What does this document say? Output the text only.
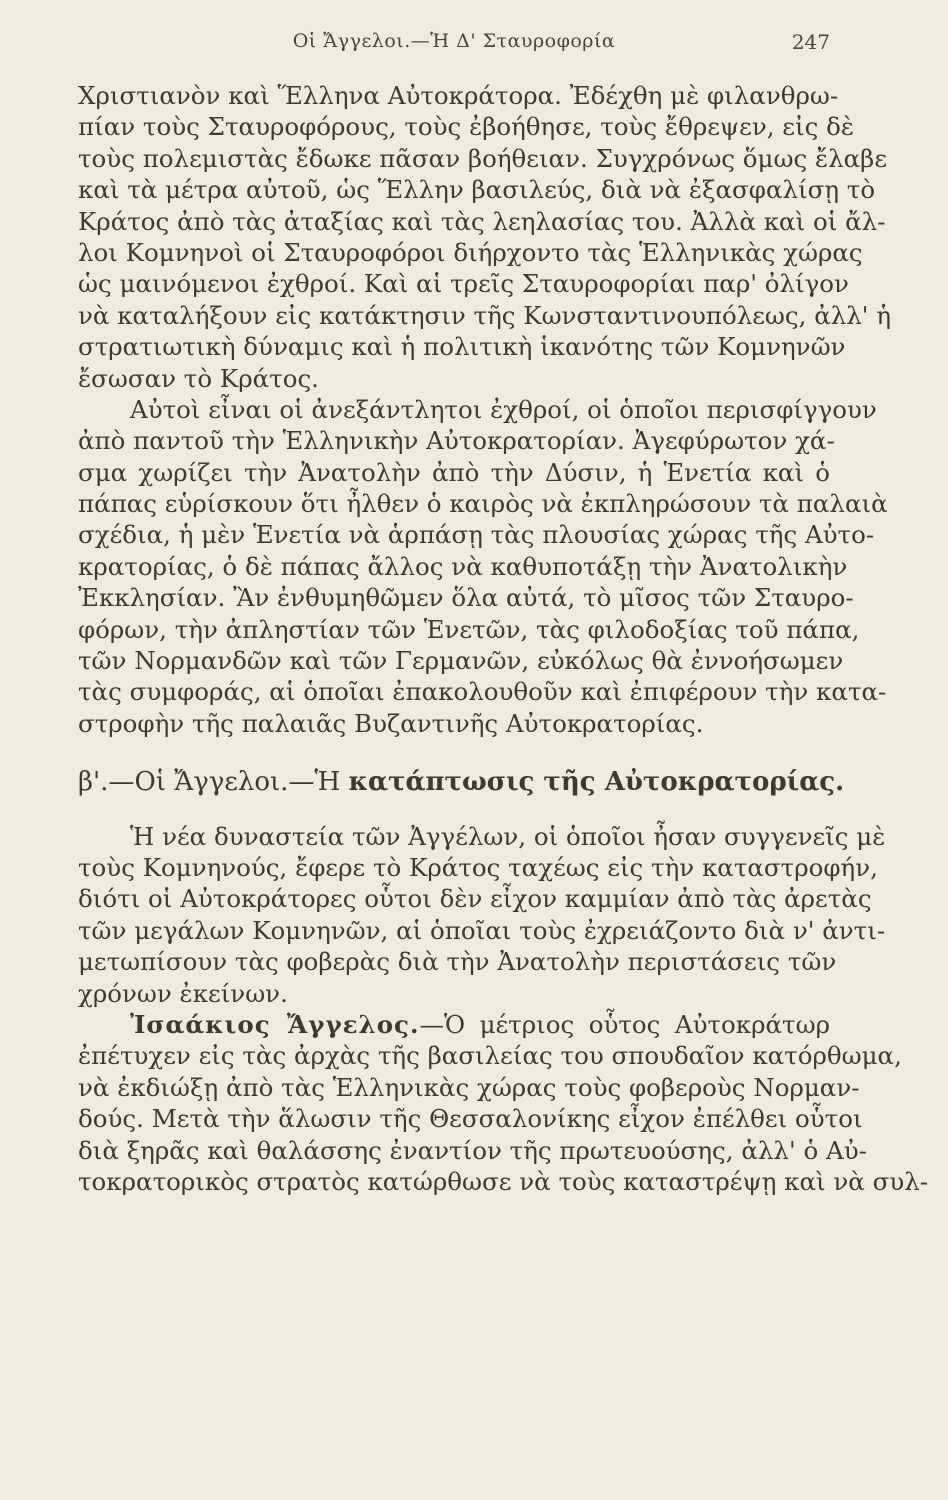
Οἱ Ἄγγελοι.—Ἡ Δ' Σταυροφορία	247
Χριστιανὸν καὶ Ἕλληνα Αὐτοκράτορα. Ἐδέχθη μὲ φιλανθρω-
πίαν τοὺς Σταυροφόρους, τοὺς ἐβοήθησε, τοὺς ἔθρεψεν, εἰς δὲ
τοὺς πολεμιστὰς ἔδωκε πᾶσαν βοήθειαν. Συγχρόνως ὅμως ἔλαβε
καὶ τὰ μέτρα αὐτοῦ, ὡς Ἕλλην βασιλεύς, διὰ νὰ ἐξασφαλίσῃ τὸ
Κράτος ἀπὸ τὰς ἀταξίας καὶ τὰς λεηλασίας του. Ἀλλὰ καὶ οἱ ἄλ-
λοι Κομνηνοὶ οἱ Σταυροφόροι διήρχοντο τὰς Ἑλληνικὰς χώρας
ὡς μαινόμενοι ἐχθροί. Καὶ αἱ τρεῖς Σταυροφορίαι παρ' ὀλίγον
νὰ καταλήξουν εἰς κατάκτησιν τῆς Κωνσταντινουπόλεως, ἀλλ' ἡ
στρατιωτικὴ δύναμις καὶ ἡ πολιτικὴ ἱκανότης τῶν Κομνηνῶν
ἔσωσαν τὸ Κράτος.
Αὐτοὶ εἶναι οἱ ἀνεξάντλητοι ἐχθροί, οἱ ὁποῖοι περισφίγγουν
ἀπὸ παντοῦ τὴν Ἑλληνικὴν Αὐτοκρατορίαν. Ἀγεφύρωτον χά-
σμα χωρίζει τὴν Ἀνατολὴν ἀπὸ τὴν Δύσιν, ἡ Ἑνετία καὶ ὁ
πάπας εὑρίσκουν ὅτι ἦλθεν ὁ καιρὸς νὰ ἐκπληρώσουν τὰ παλαιὰ
σχέδια, ἡ μὲν Ἑνετία νὰ ἁρπάσῃ τὰς πλουσίας χώρας τῆς Αὐτο-
κρατορίας, ὁ δὲ πάπας ἄλλος νὰ καθυποτάξῃ τὴν Ἀνατολικὴν
Ἐκκλησίαν. Ἂν ἐνθυμηθῶμεν ὅλα αὐτά, τὸ μῖσος τῶν Σταυρο-
φόρων, τὴν ἀπληστίαν τῶν Ἑνετῶν, τὰς φιλοδοξίας τοῦ πάπα,
τῶν Νορμανδῶν καὶ τῶν Γερμανῶν, εὐκόλως θὰ ἐννοήσωμεν
τὰς συμφοράς, αἱ ὁποῖαι ἐπακολουθοῦν καὶ ἐπιφέρουν τὴν κατα-
στροφὴν τῆς παλαιᾶς Βυζαντινῆς Αὐτοκρατορίας.
β'.—Οἱ Ἄγγελοι.—Ἡ κατάπτωσις τῆς Αὐτοκρατορίας.
Ἡ νέα δυναστεία τῶν Ἀγγέλων, οἱ ὁποῖοι ἦσαν συγγενεῖς μὲ
τοὺς Κομνηνούς, ἔφερε τὸ Κράτος ταχέως εἰς τὴν καταστροφήν,
διότι οἱ Αὐτοκράτορες οὗτοι δὲν εἶχον καμμίαν ἀπὸ τὰς ἀρετὰς
τῶν μεγάλων Κομνηνῶν, αἱ ὁποῖαι τοὺς ἐχρειάζοντο διὰ ν' ἀντι-
μετωπίσουν τὰς φοβερὰς διὰ τὴν Ἀνατολὴν περιστάσεις τῶν
χρόνων ἐκείνων.
Ἰσαάκιος Ἄγγελος.—Ὁ μέτριος οὗτος Αὐτοκράτωρ
ἐπέτυχεν εἰς τὰς ἀρχὰς τῆς βασιλείας του σπουδαῖον κατόρθωμα,
νὰ ἐκδιώξῃ ἀπὸ τὰς Ἑλληνικὰς χώρας τοὺς φοβεροὺς Νορμαν-
δούς. Μετὰ τὴν ἅλωσιν τῆς Θεσσαλονίκης εἶχον ἐπέλθει οὗτοι
διὰ ξηρᾶς καὶ θαλάσσης ἐναντίον τῆς πρωτευούσης, ἀλλ' ὁ Αὐ-
τοκρατορικὸς στρατὸς κατώρθωσε νὰ τοὺς καταστρέψῃ καὶ νὰ συλ-
